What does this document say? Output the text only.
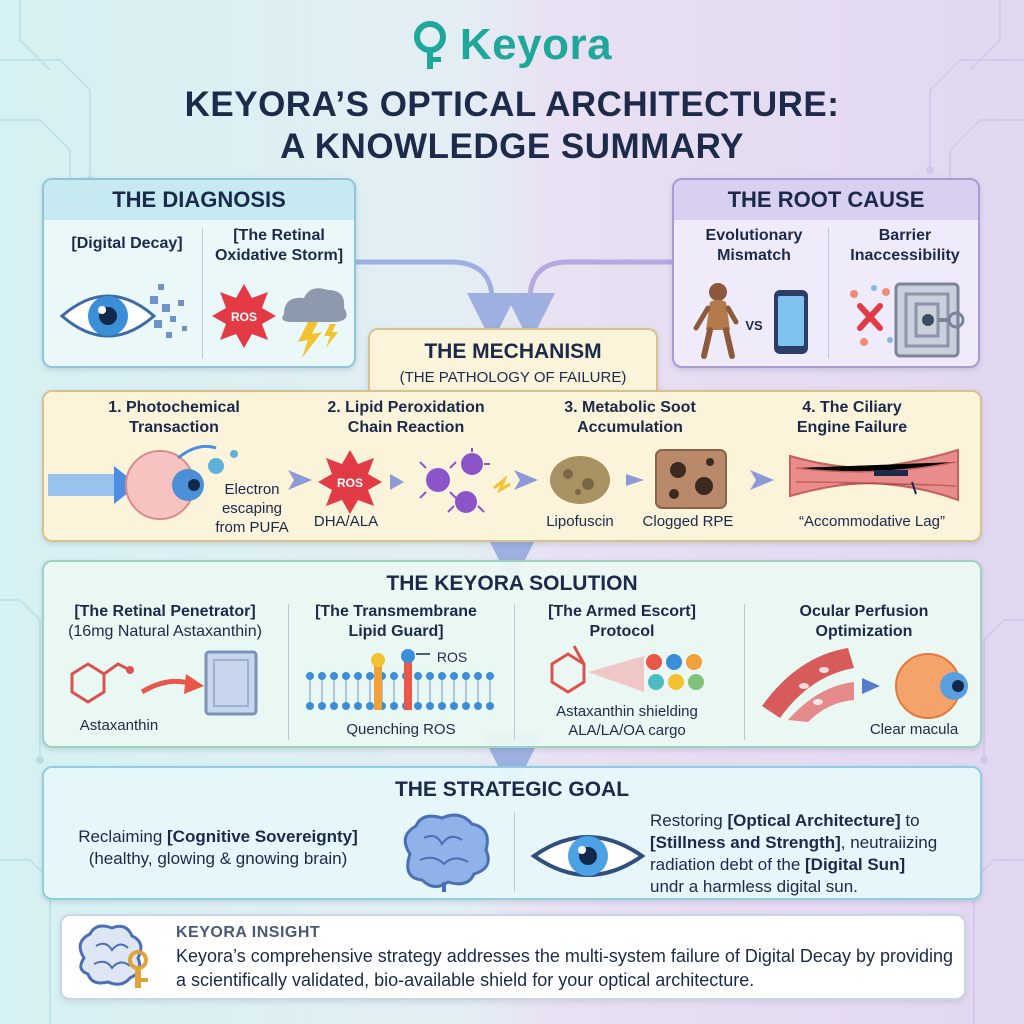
Keyora
KEYORA’S OPTICAL ARCHITECTURE:
A KNOWLEDGE SUMMARY
THE DIAGNOSIS
[Digital Decay]	[The Retinal
Oxidative Storm]
ROS
THE ROOT CAUSE
Evolutionary
Mismatch
Barrier
Inaccessibility
VS
THE MECHANISM
(THE PATHOLOGY OF FAILURE)
1. Photochemical
Transaction
2. Lipid Peroxidation
Chain Reaction
3. Metabolic Soot
Accumulation
4. The Ciliary
Engine Failure
Electron
escaping
from PUFA
ROS
DHA/ALA	Lipofuscin	Clogged RPE	“Accommodative Lag”
THE KEYORA SOLUTION
[The Retinal Penetrator]
(16mg Natural Astaxanthin)
[The Transmembrane
Lipid Guard]
[The Armed Escort]
Protocol
Ocular Perfusion
Optimization
Astaxanthin
ROS
Quenching ROS
Astaxanthin shielding
ALA/LA/OA cargo	Clear macula
THE STRATEGIC GOAL
Reclaiming [Cognitive Sovereignty]
(healthy, glowing & gnowing brain)
Restoring [Optical Architecture] to
[Stillness and Strength], neutraiizing
radiation debt of the [Digital Sun]
undr a harmless digital sun.
KEYORA INSIGHT
Keyora’s comprehensive strategy addresses the multi-system failure of Digital Decay by providing a scientifically validated, bio-available shield for your optical architecture.
